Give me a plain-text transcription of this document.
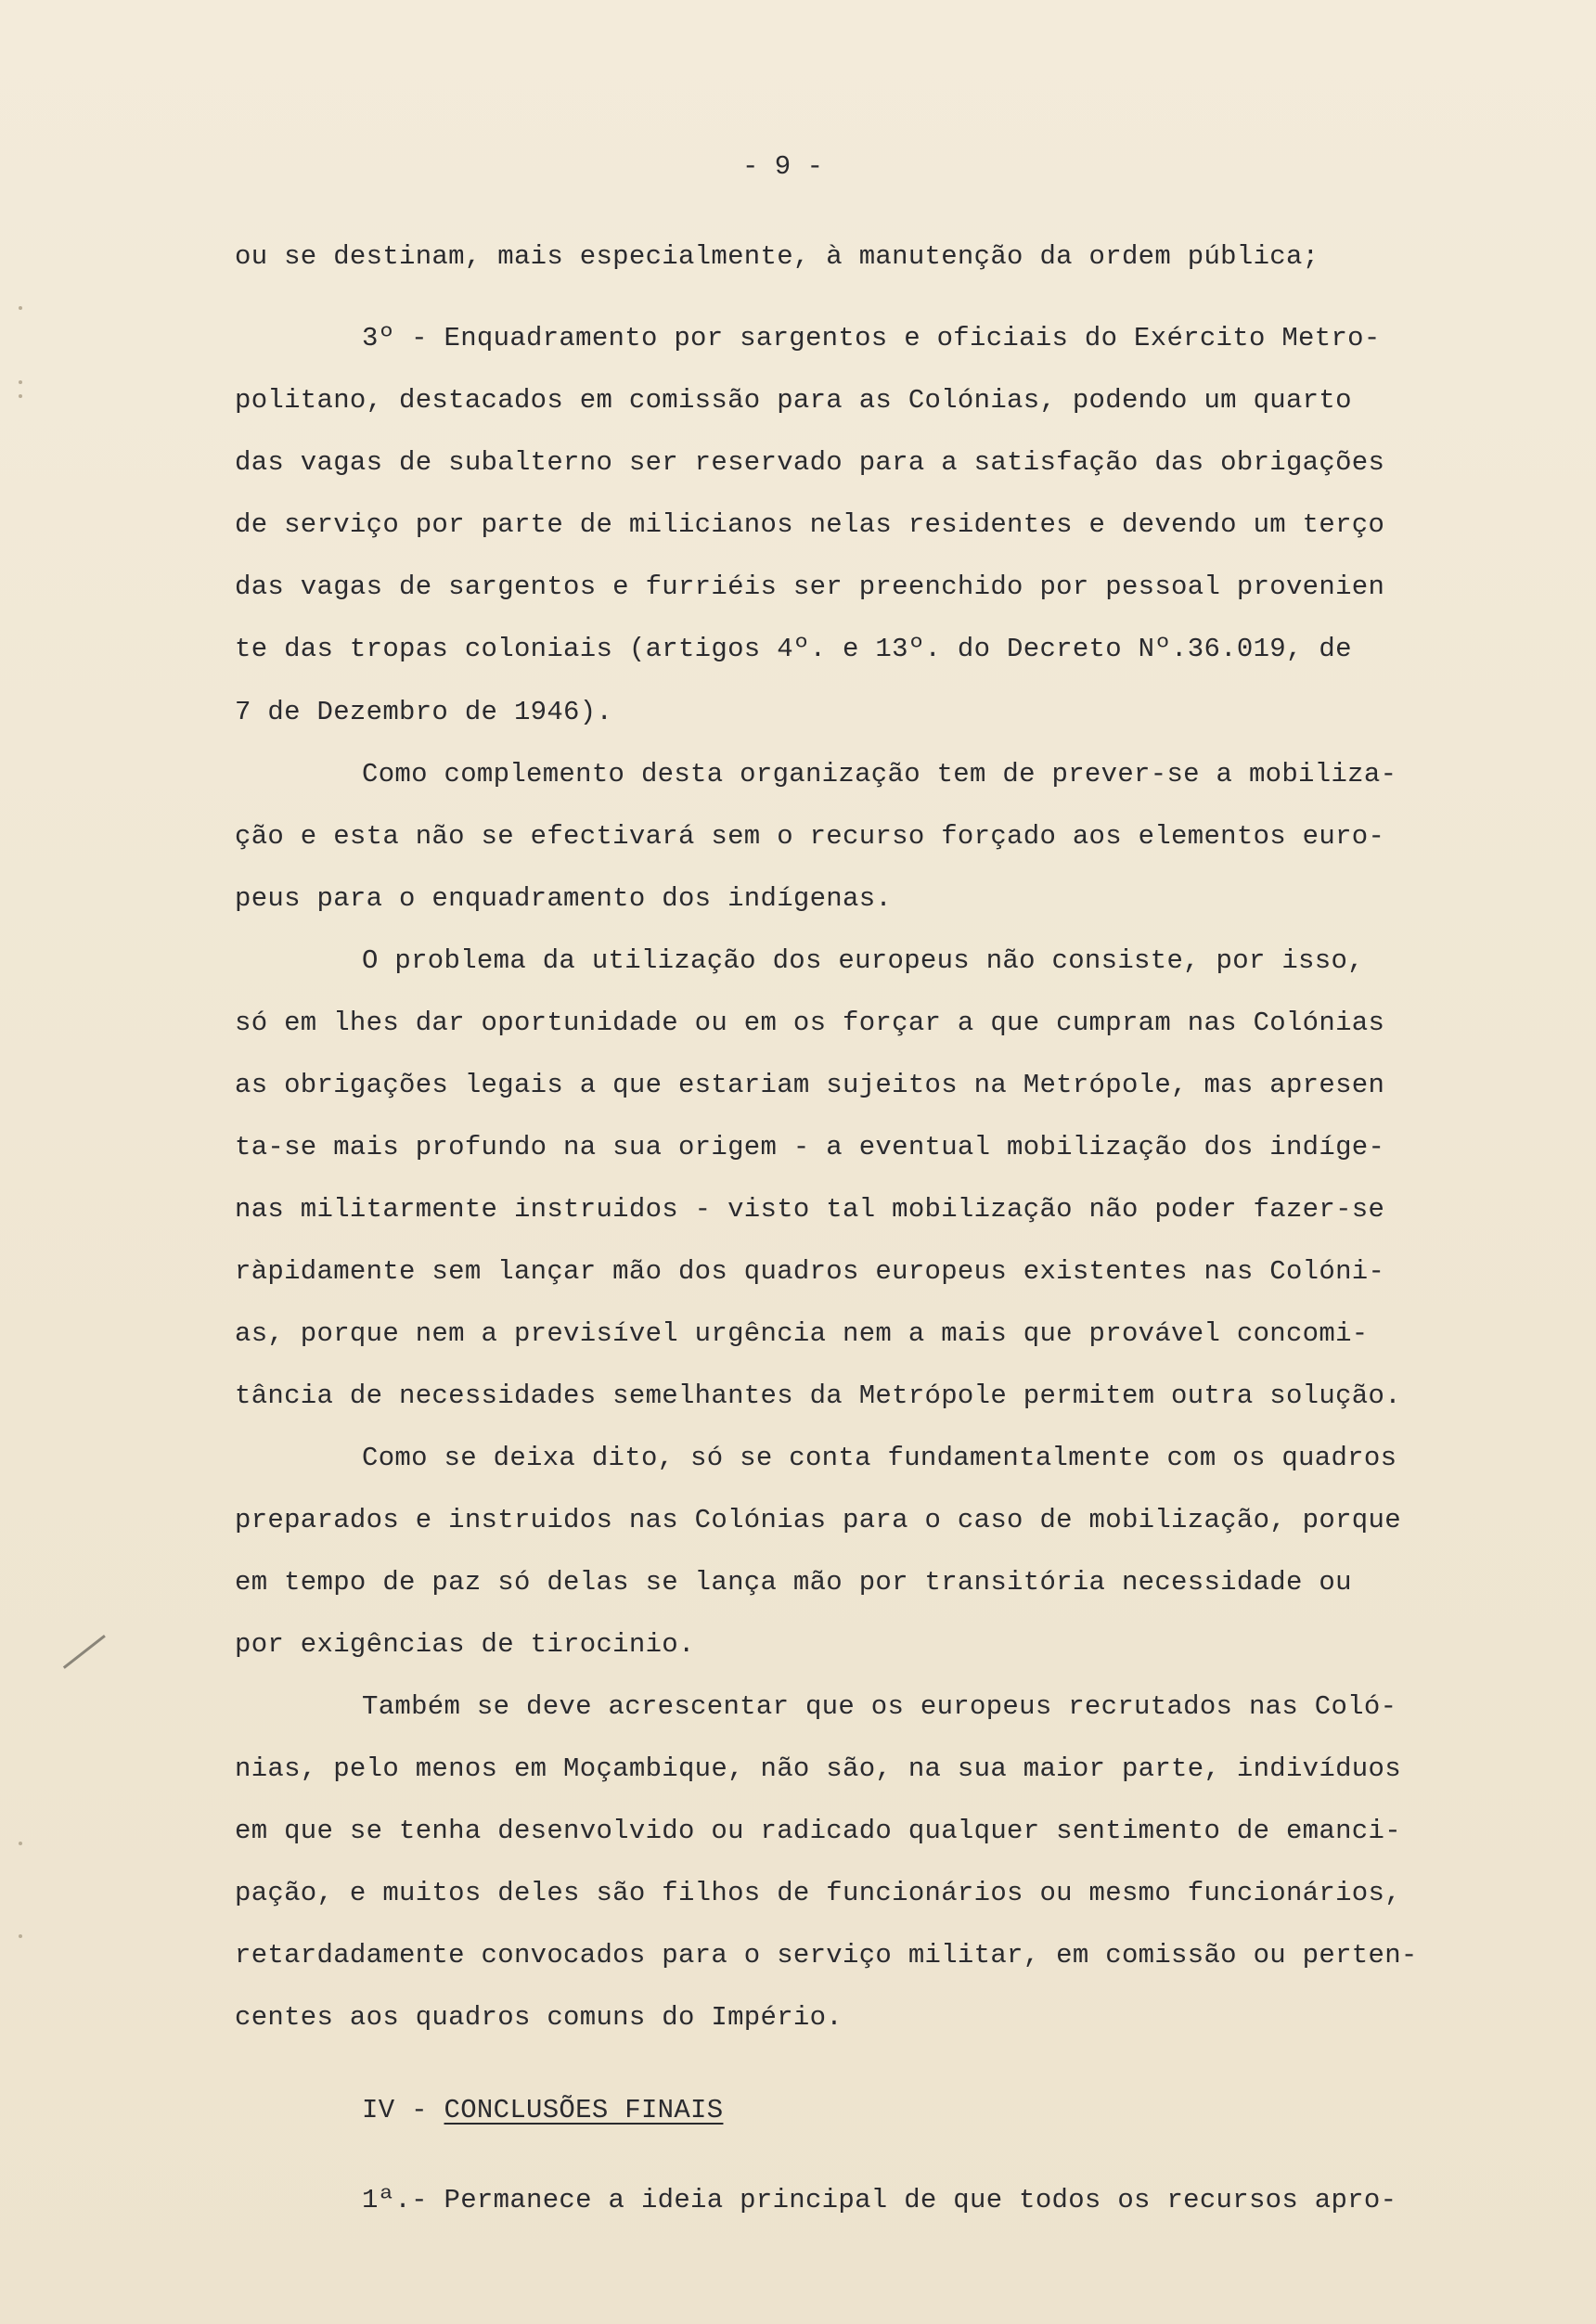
- 9 -
ou se destinam, mais especialmente, à manutenção da ordem pública;
3º - Enquadramento por sargentos e oficiais do Exército Metro-
politano, destacados em comissão para as Colónias, podendo um quarto
das vagas de subalterno ser reservado para a satisfação das obrigações
de serviço por parte de milicianos nelas residentes e devendo um terço
das vagas de sargentos e furriéis ser preenchido por pessoal provenien
te das tropas coloniais (artigos 4º. e 13º. do Decreto Nº.36.019, de
7 de Dezembro de 1946).
Como complemento desta organização tem de prever-se a mobiliza-
ção e esta não se efectivará sem o recurso forçado aos elementos euro-
peus para o enquadramento dos indígenas.
O problema da utilização dos europeus não consiste, por isso,
só em lhes dar oportunidade ou em os forçar a que cumpram nas Colónias
as obrigações legais a que estariam sujeitos na Metrópole, mas apresen
ta-se mais profundo na sua origem - a eventual mobilização dos indíge-
nas militarmente instruidos - visto tal mobilização não poder fazer-se
ràpidamente sem lançar mão dos quadros europeus existentes nas Colóni-
as, porque nem a previsível urgência nem a mais que provável concomi-
tância de necessidades semelhantes da Metrópole permitem outra solução.
Como se deixa dito, só se conta fundamentalmente com os quadros
preparados e instruidos nas Colónias para o caso de mobilização, porque
em tempo de paz só delas se lança mão por transitória necessidade ou
por exigências de tirocinio.
Também se deve acrescentar que os europeus recrutados nas Coló-
nias, pelo menos em Moçambique, não são, na sua maior parte, indivíduos
em que se tenha desenvolvido ou radicado qualquer sentimento de emanci-
pação, e muitos deles são filhos de funcionários ou mesmo funcionários,
retardadamente convocados para o serviço militar, em comissão ou perten-
centes aos quadros comuns do Império.
IV - CONCLUSÕES FINAIS
1ª.- Permanece a ideia principal de que todos os recursos apro-
